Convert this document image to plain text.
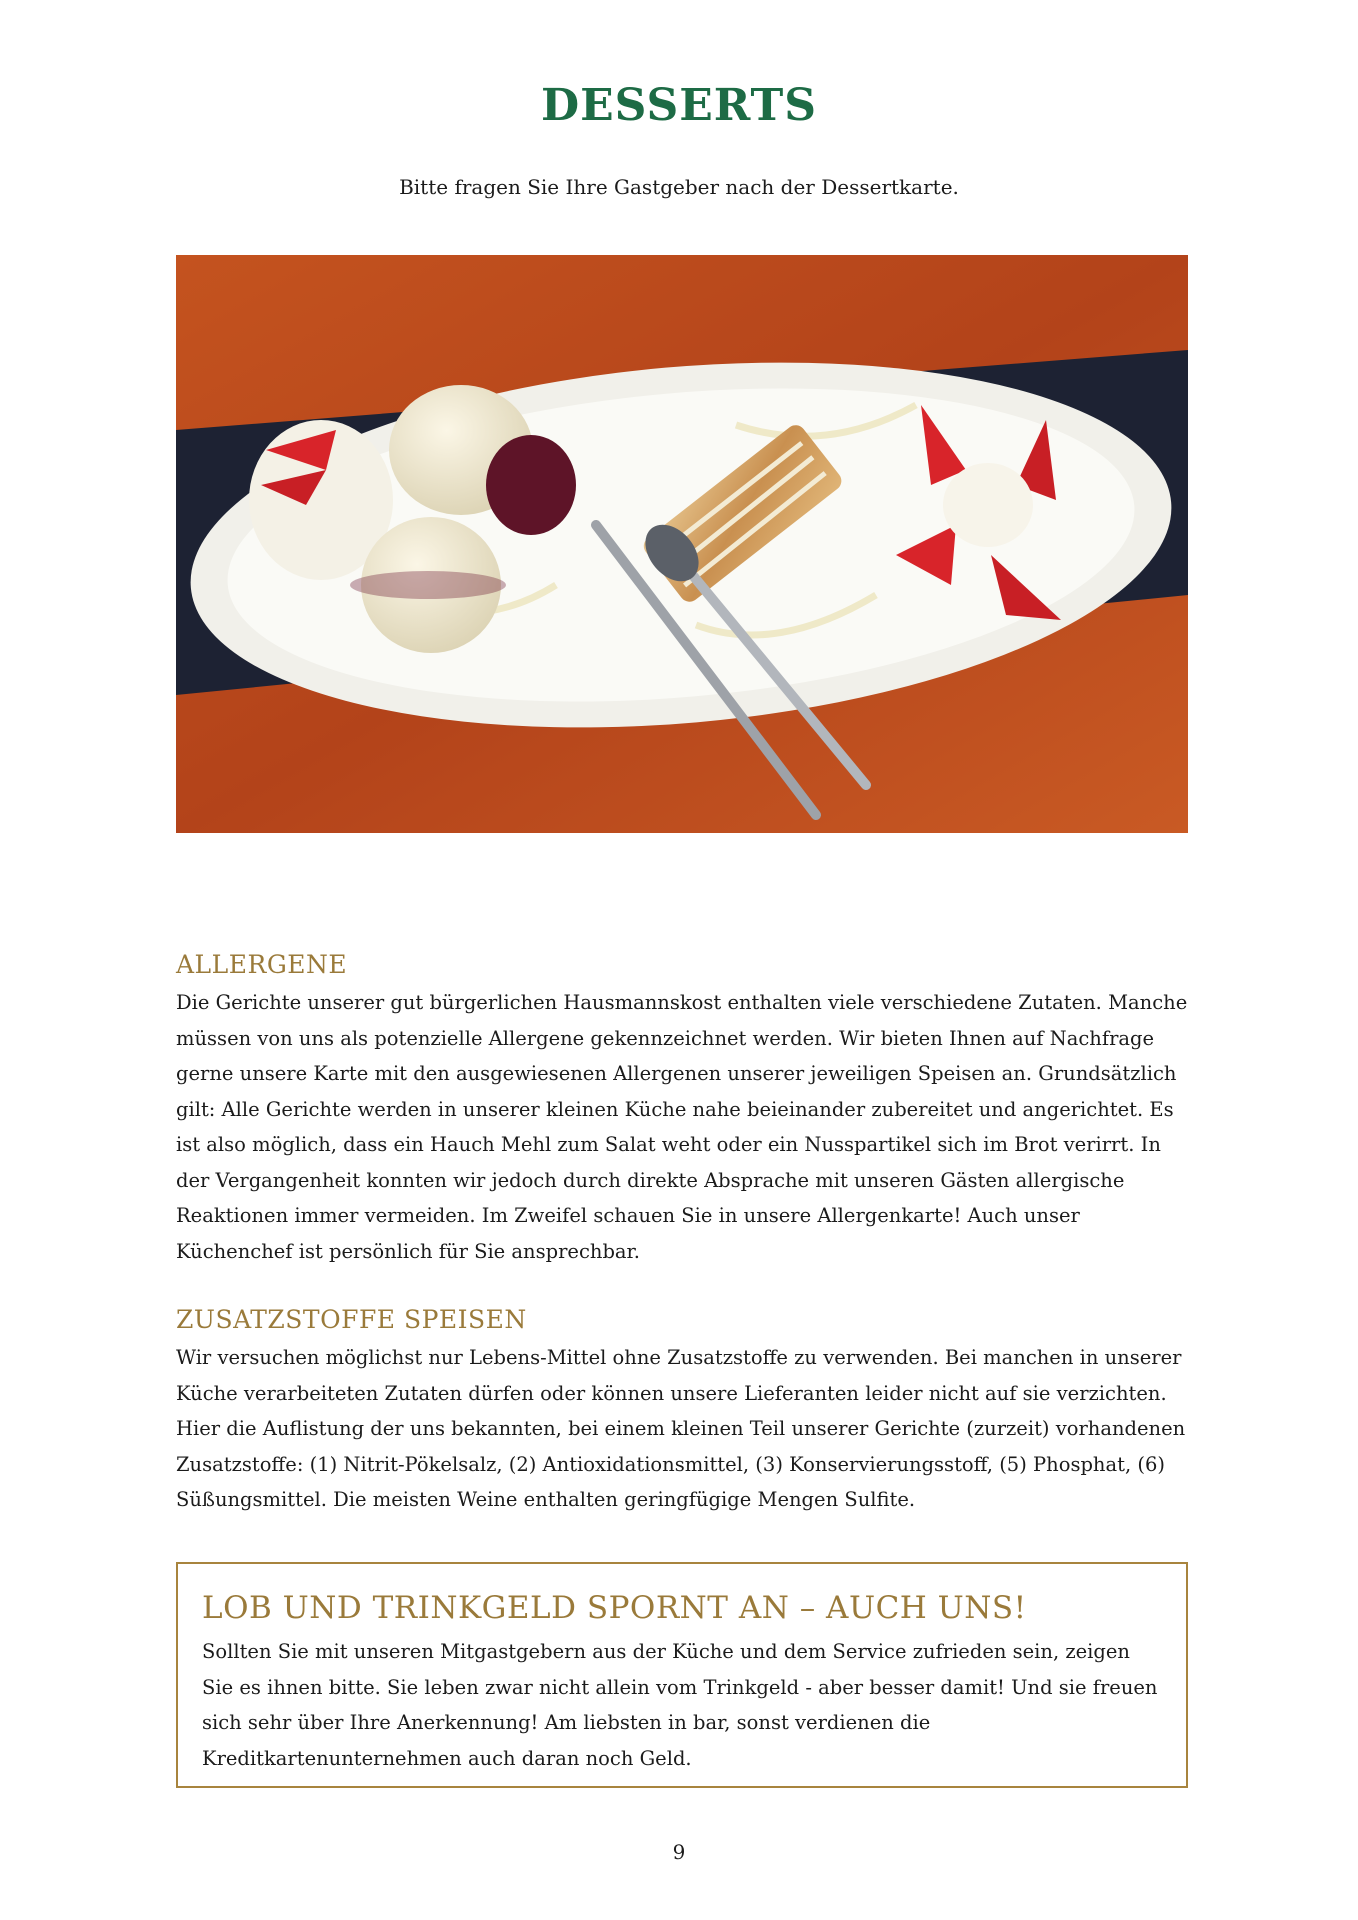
DESSERTS

Bitte fragen Sie Ihre Gastgeber nach der Dessertkarte.

ALLERGENE

Die Gerichte unserer gut bürgerlichen Hausmannskost enthalten viele verschiedene Zutaten. Manche müssen von uns als potenzielle Allergene gekennzeichnet werden. Wir bieten Ihnen auf Nachfrage gerne unsere Karte mit den ausgewiesenen Allergenen unserer jeweiligen Speisen an. Grundsätzlich gilt: Alle Gerichte werden in unserer kleinen Küche nahe beieinander zubereitet und angerichtet. Es ist also möglich, dass ein Hauch Mehl zum Salat weht oder ein Nusspartikel sich im Brot verirrt. In der Vergangenheit konnten wir jedoch durch direkte Absprache mit unseren Gästen allergische Reaktionen immer vermeiden. Im Zweifel schauen Sie in unsere Allergenkarte! Auch unser Küchenchef ist persönlich für Sie ansprechbar.

ZUSATZSTOFFE SPEISEN

Wir versuchen möglichst nur Lebens-Mittel ohne Zusatzstoffe zu verwenden. Bei manchen in unserer Küche verarbeiteten Zutaten dürfen oder können unsere Lieferanten leider nicht auf sie verzichten. Hier die Auflistung der uns bekannten, bei einem kleinen Teil unserer Gerichte (zurzeit) vorhandenen Zusatzstoffe: (1) Nitrit-Pökelsalz, (2) Antioxidationsmittel, (3) Konservierungsstoff, (5) Phosphat, (6) Süßungsmittel. Die meisten Weine enthalten geringfügige Mengen Sulfite.

LOB UND TRINKGELD SPORNT AN – AUCH UNS!

Sollten Sie mit unseren Mitgastgebern aus der Küche und dem Service zufrieden sein, zeigen Sie es ihnen bitte. Sie leben zwar nicht allein vom Trinkgeld - aber besser damit! Und sie freuen sich sehr über Ihre Anerkennung! Am liebsten in bar, sonst verdienen die Kreditkartenunternehmen auch daran noch Geld.

9
